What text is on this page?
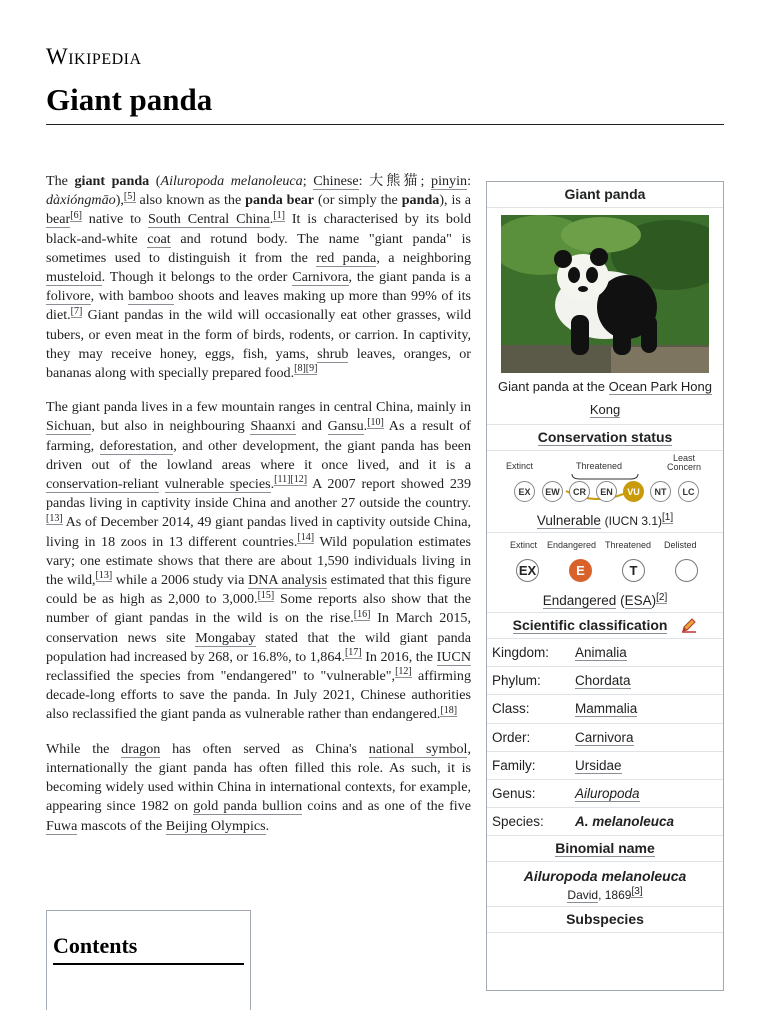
Wikipedia
Giant panda

The giant panda (Ailuropoda melanoleuca; Chinese: 大熊猫; pinyin: dàxióngmāo),[5] also known as the panda bear (or simply the panda), is a bear[6] native to South Central China.[1] It is characterised by its bold black-and-white coat and rotund body. The name "giant panda" is sometimes used to distinguish it from the red panda, a neighboring musteloid. Though it belongs to the order Carnivora, the giant panda is a folivore, with bamboo shoots and leaves making up more than 99% of its diet.[7] Giant pandas in the wild will occasionally eat other grasses, wild tubers, or even meat in the form of birds, rodents, or carrion. In captivity, they may receive honey, eggs, fish, yams, shrub leaves, oranges, or bananas along with specially prepared food.[8][9]

The giant panda lives in a few mountain ranges in central China, mainly in Sichuan, but also in neighbouring Shaanxi and Gansu.[10] As a result of farming, deforestation, and other development, the giant panda has been driven out of the lowland areas where it once lived, and it is a conservation-reliant vulnerable species.[11][12] A 2007 report showed 239 pandas living in captivity inside China and another 27 outside the country.[13] As of December 2014, 49 giant pandas lived in captivity outside China, living in 18 zoos in 13 different countries.[14] Wild population estimates vary; one estimate shows that there are about 1,590 individuals living in the wild,[13] while a 2006 study via DNA analysis estimated that this figure could be as high as 2,000 to 3,000.[15] Some reports also show that the number of giant pandas in the wild is on the rise.[16] In March 2015, conservation news site Mongabay stated that the wild giant panda population had increased by 268, or 16.8%, to 1,864.[17] In 2016, the IUCN reclassified the species from "endangered" to "vulnerable",[12] affirming decade-long efforts to save the panda. In July 2021, Chinese authorities also reclassified the giant panda as vulnerable rather than endangered.[18]

While the dragon has often served as China's national symbol, internationally the giant panda has often filled this role. As such, it is becoming widely used within China in international contexts, for example, appearing since 1982 on gold panda bullion coins and as one of the five Fuwa mascots of the Beijing Olympics.

Contents
Giant panda
Giant panda at the Ocean Park Hong Kong
Conservation status
Extinct	Threatened
Least
Concern
EX	EW	CR	EN	VU	NT	LC
Vulnerable (IUCN 3.1)[1]
Extinct Endangered Threatened Delisted
EX	E	T
Endangered (ESA)[2]
Scientific classification
Kingdom:	Animalia
Phylum:	Chordata
Class:	Mammalia
Order:	Carnivora
Family:	Ursidae
Genus:	Ailuropoda
Species:	A. melanoleuca
Binomial name
Ailuropoda melanoleuca
David, 1869[3]
Subspecies
